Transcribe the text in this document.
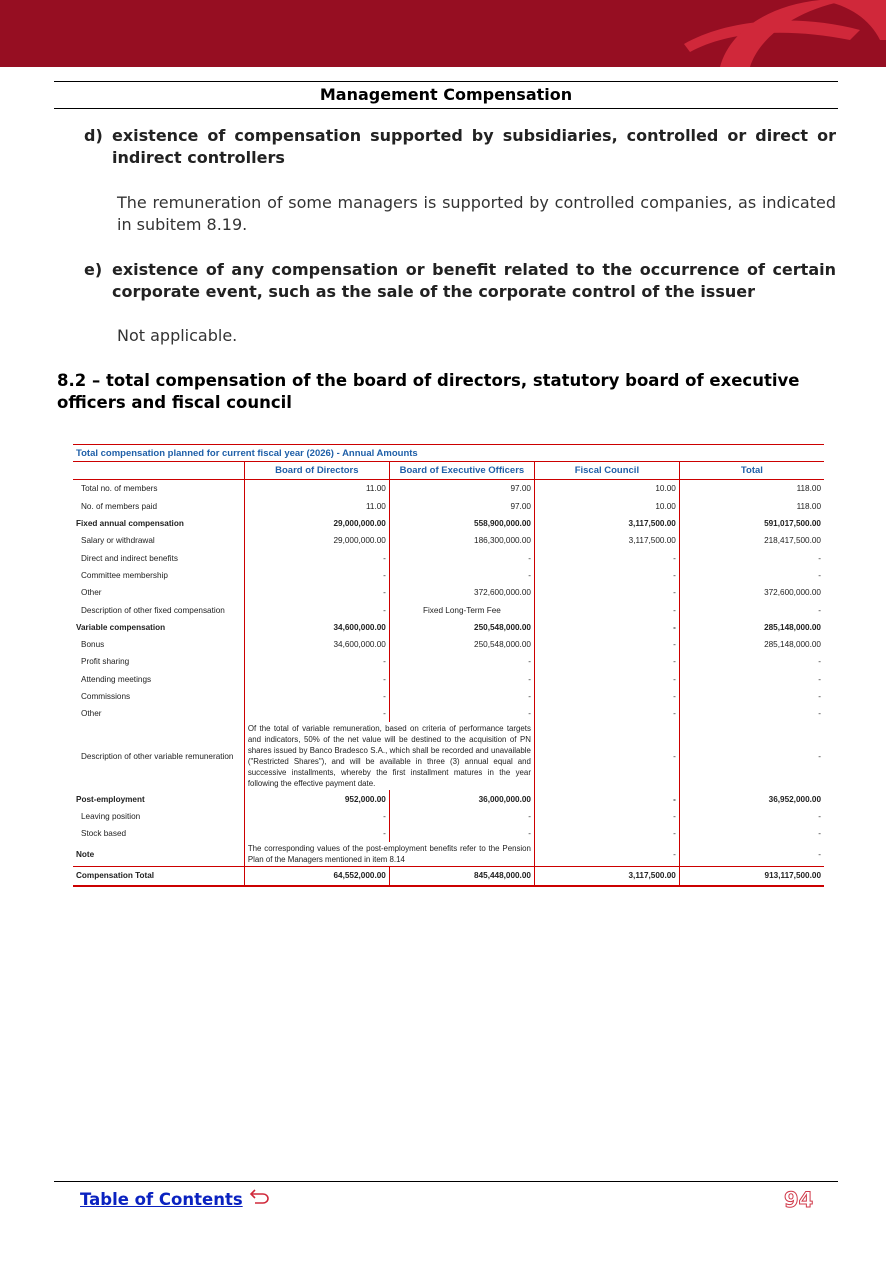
Management Compensation
d) existence of compensation supported by subsidiaries, controlled or direct or indirect controllers
The remuneration of some managers is supported by controlled companies, as indicated in subitem 8.19.
e) existence of any compensation or benefit related to the occurrence of certain corporate event, such as the sale of the corporate control of the issuer
Not applicable.
8.2 – total compensation of the board of directors, statutory board of executive officers and fiscal council
Total compensation planned for current fiscal year (2026) - Annual Amounts				
	Board of Directors	Board of Executive Officers	Fiscal Council	Total
Total no. of members	11.00	97.00	10.00	118.00
No. of members paid	11.00	97.00	10.00	118.00
Fixed annual compensation	29,000,000.00	558,900,000.00	3,117,500.00	591,017,500.00
Salary or withdrawal	29,000,000.00	186,300,000.00	3,117,500.00	218,417,500.00
Direct and indirect benefits	-	-	-	-
Committee membership	-	-	-	-
Other	-	372,600,000.00	-	372,600,000.00
Description of other fixed compensation	-	Fixed Long-Term Fee	-	-
Variable compensation	34,600,000.00	250,548,000.00	-	285,148,000.00
Bonus	34,600,000.00	250,548,000.00	-	285,148,000.00
Profit sharing	-	-	-	-
Attending meetings	-	-	-	-
Commissions	-	-	-	-
Other	-	-	-	-
Description of other variable remuneration	Of the total of variable remuneration, based on criteria of performance targets and indicators, 50% of the net value will be destined to the acquisition of PN shares issued by Banco Bradesco S.A., which shall be recorded and unavailable ("Restricted Shares"), and will be available in three (3) annual equal and successive installments, whereby the first installment matures in the year following the effective payment date.		-	-
Post-employment	952,000.00	36,000,000.00	-	36,952,000.00
Leaving position	-	-	-	-
Stock based	-	-	-	-
Note	The corresponding values of the post-employment benefits refer to the Pension Plan of the Managers mentioned in item 8.14		-	-
Compensation Total	64,552,000.00	845,448,000.00	3,117,500.00	913,117,500.00
Table of Contents	94
